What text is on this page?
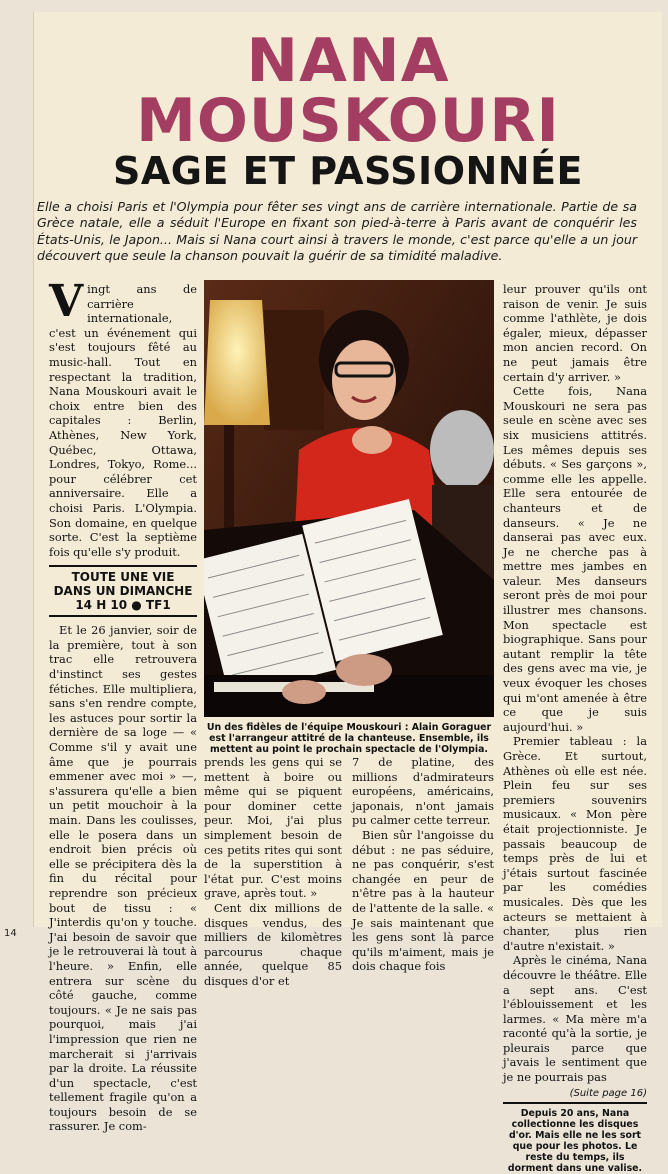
NANA
MOUSKOURI
SAGE ET PASSIONNÉE
Elle a choisi Paris et l'Olympia pour fêter ses vingt ans de carrière internationale. Partie de sa Grèce natale, elle a séduit l'Europe en fixant son pied-à-terre à Paris avant de conquérir les États-Unis, le Japon... Mais si Nana court ainsi à travers le monde, c'est parce qu'elle a un jour découvert que seule la chanson pouvait la guérir de sa timidité maladive.
V ingt ans de carrière internationale, c'est un événement qui s'est toujours fêté au music-hall. Tout en respectant la tradition, Nana Mouskouri avait le choix entre bien des capitales : Berlin, Athènes, New York, Québec, Ottawa, Londres, Tokyo, Rome... pour célébrer cet anniversaire. Elle a choisi Paris. L'Olympia. Son domaine, en quelque sorte. C'est la septième fois qu'elle s'y produit.
TOUTE UNE VIE
DANS UN DIMANCHE
14 H 10 ● TF1

Et le 26 janvier, soir de la première, tout à son trac elle retrouvera d'instinct ses gestes fétiches. Elle multipliera, sans s'en rendre compte, les astuces pour sortir la dernière de sa loge — « Comme s'il y avait une âme que je pourrais emmener avec moi » —, s'assurera qu'elle a bien un petit mouchoir à la main. Dans les coulisses, elle le posera dans un endroit bien précis où elle se précipitera dès la fin du récital pour reprendre son précieux bout de tissu : « J'interdis qu'on y touche. J'ai besoin de savoir que je le retrouverai là tout à l'heure. » Enfin, elle entrera sur scène du côté gauche, comme toujours. « Je ne sais pas pourquoi, mais j'ai l'impression que rien ne marcherait si j'arrivais par la droite. La réussite d'un spectacle, c'est tellement fragile qu'on a toujours besoin de se rassurer. Je com-

Un des fidèles de l'équipe Mouskouri : Alain Goraguer est l'arrangeur attitré de la chanteuse. Ensemble, ils mettent au point le prochain spectacle de l'Olympia.

prends les gens qui se mettent à boire ou même qui se piquent pour dominer cette peur. Moi, j'ai plus simplement besoin de ces petits rites qui sont de la superstition à l'état pur. C'est moins grave, après tout. »

Cent dix millions de disques vendus, des milliers de kilomètres parcourus chaque année, quelque 85 disques d'or et

7 de platine, des millions d'admirateurs européens, américains, japonais, n'ont jamais pu calmer cette terreur.

Bien sûr l'angoisse du début : ne pas séduire, ne pas conquérir, s'est changée en peur de n'être pas à la hauteur de l'attente de la salle. « Je sais maintenant que les gens sont là parce qu'ils m'aiment, mais je dois chaque fois

leur prouver qu'ils ont raison de venir. Je suis comme l'athlète, je dois égaler, mieux, dépasser mon ancien record. On ne peut jamais être certain d'y arriver. »

Cette fois, Nana Mouskouri ne sera pas seule en scène avec ses six musiciens attitrés. Les mêmes depuis ses débuts. « Ses garçons », comme elle les appelle. Elle sera entourée de chanteurs et de danseurs. « Je ne danserai pas avec eux. Je ne cherche pas à mettre mes jambes en valeur. Mes danseurs seront près de moi pour illustrer mes chansons. Mon spectacle est biographique. Sans pour autant remplir la tête des gens avec ma vie, je veux évoquer les choses qui m'ont amenée à être ce que je suis aujourd'hui. »

Premier tableau : la Grèce. Et surtout, Athènes où elle est née. Plein feu sur ses premiers souvenirs musicaux. « Mon père était projectionniste. Je passais beaucoup de temps près de lui et j'étais surtout fascinée par les comédies musicales. Dès que les acteurs se mettaient à chanter, plus rien d'autre n'existait. »

Après le cinéma, Nana découvre le théâtre. Elle a sept ans. C'est l'éblouissement et les larmes. « Ma mère m'a raconté qu'à la sortie, je pleurais parce que j'avais le sentiment que je ne pourrais pas

(Suite page 16)
Depuis 20 ans, Nana collectionne les disques d'or. Mais elle ne les sort que pour les photos. Le reste du temps, ils dorment dans une valise.
14
